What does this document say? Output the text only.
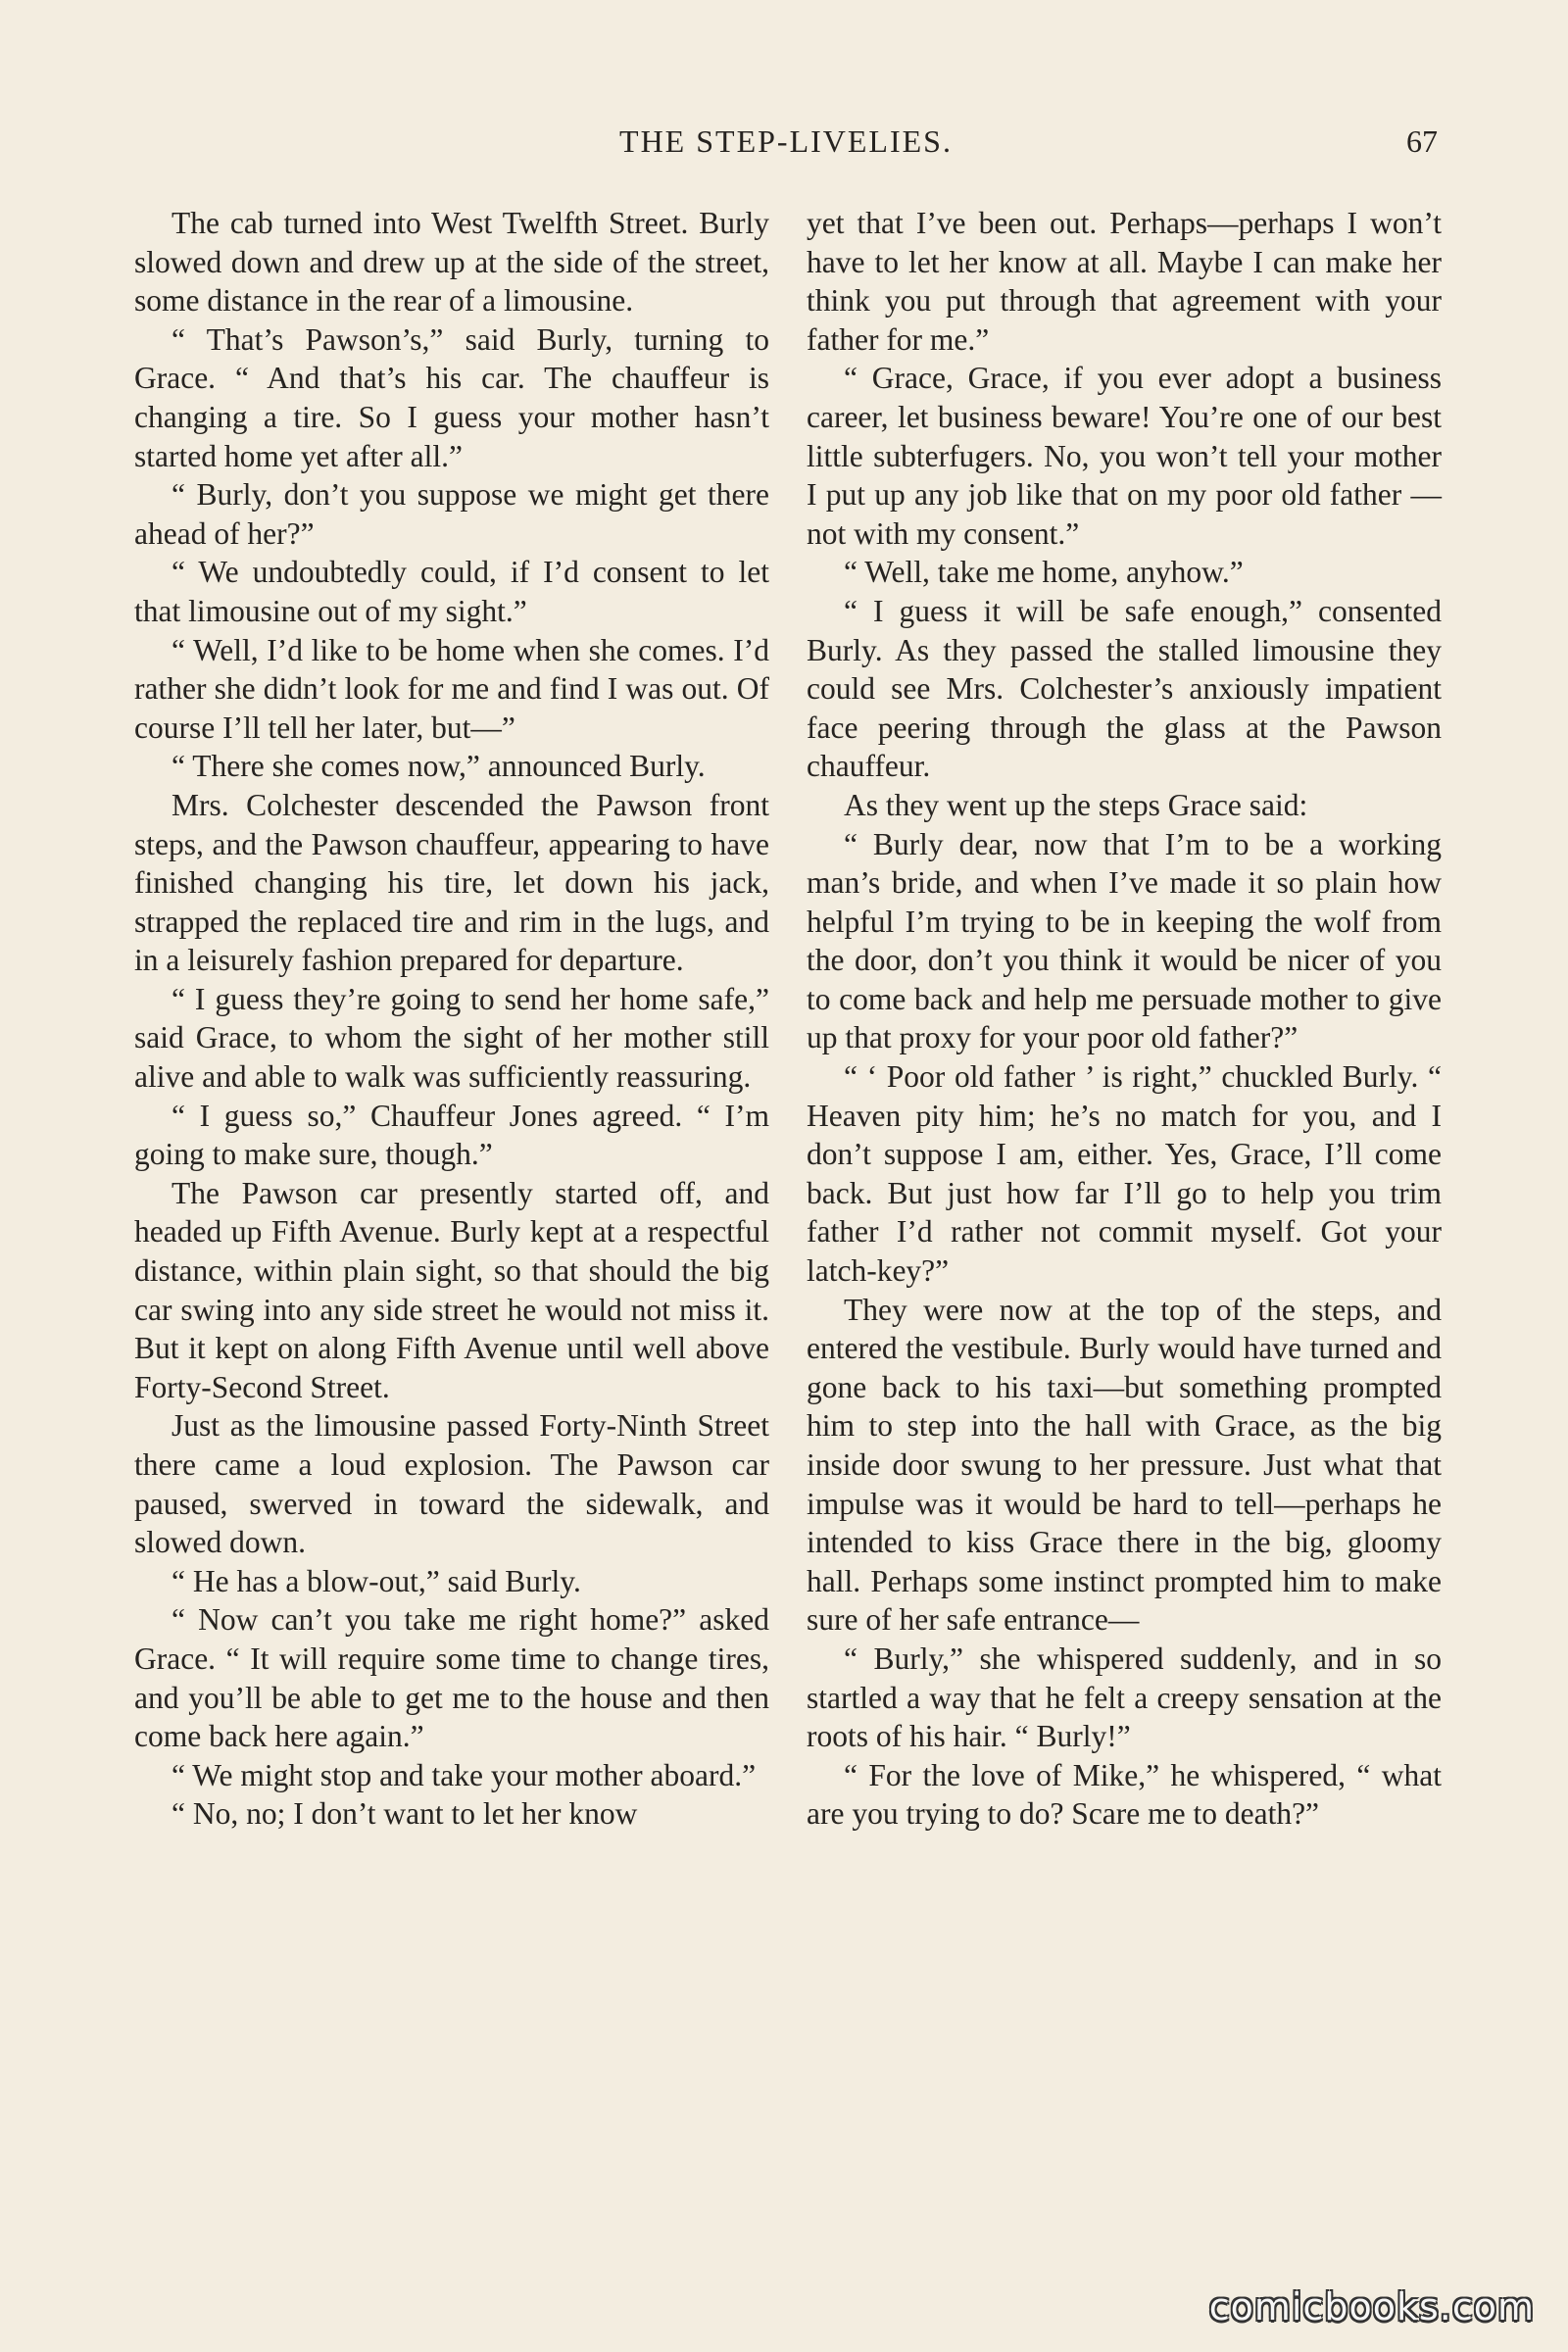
THE STEP-LIVELIES.	67

The cab turned into West Twelfth Street. Burly slowed down and drew up at the side of the street, some distance in the rear of a limousine.

“ That’s Pawson’s,” said Burly, turning to Grace. “ And that’s his car. The chauffeur is changing a tire. So I guess your mother hasn’t started home yet after all.”

“ Burly, don’t you suppose we might get there ahead of her?”

“ We undoubtedly could, if I’d consent to let that limousine out of my sight.”

“ Well, I’d like to be home when she comes. I’d rather she didn’t look for me and find I was out. Of course I’ll tell her later, but—”

“ There she comes now,” announced Burly.

Mrs. Colchester descended the Pawson front steps, and the Pawson chauffeur, appearing to have finished changing his tire, let down his jack, strapped the replaced tire and rim in the lugs, and in a leisurely fashion prepared for departure.

“ I guess they’re going to send her home safe,” said Grace, to whom the sight of her mother still alive and able to walk was sufficiently reassuring.

“ I guess so,” Chauffeur Jones agreed. “ I’m going to make sure, though.”

The Pawson car presently started off, and headed up Fifth Avenue. Burly kept at a respectful distance, within plain sight, so that should the big car swing into any side street he would not miss it. But it kept on along Fifth Avenue until well above Forty-Second Street.

Just as the limousine passed Forty-Ninth Street there came a loud explosion. The Pawson car paused, swerved in toward the sidewalk, and slowed down.

“ He has a blow-out,” said Burly.

“ Now can’t you take me right home?” asked Grace. “ It will require some time to change tires, and you’ll be able to get me to the house and then come back here again.”

“ We might stop and take your mother aboard.”

“ No, no; I don’t want to let her know

yet that I’ve been out. Perhaps—perhaps I won’t have to let her know at all. Maybe I can make her think you put through that agreement with your father for me.”

“ Grace, Grace, if you ever adopt a business career, let business beware! You’re one of our best little subterfugers. No, you won’t tell your mother I put up any job like that on my poor old father —not with my consent.”

“ Well, take me home, anyhow.”

“ I guess it will be safe enough,” consented Burly. As they passed the stalled limousine they could see Mrs. Colchester’s anxiously impatient face peering through the glass at the Pawson chauffeur.

As they went up the steps Grace said:

“ Burly dear, now that I’m to be a working man’s bride, and when I’ve made it so plain how helpful I’m trying to be in keeping the wolf from the door, don’t you think it would be nicer of you to come back and help me persuade mother to give up that proxy for your poor old father?”

“ ‘ Poor old father ’ is right,” chuckled Burly. “ Heaven pity him; he’s no match for you, and I don’t suppose I am, either. Yes, Grace, I’ll come back. But just how far I’ll go to help you trim father I’d rather not commit myself. Got your latch-key?”

They were now at the top of the steps, and entered the vestibule. Burly would have turned and gone back to his taxi—but something prompted him to step into the hall with Grace, as the big inside door swung to her pressure. Just what that impulse was it would be hard to tell—perhaps he intended to kiss Grace there in the big, gloomy hall. Perhaps some instinct prompted him to make sure of her safe entrance—

“ Burly,” she whispered suddenly, and in so startled a way that he felt a creepy sensation at the roots of his hair. “ Burly!”

“ For the love of Mike,” he whispered, “ what are you trying to do? Scare me to death?”

comicbooks.com
